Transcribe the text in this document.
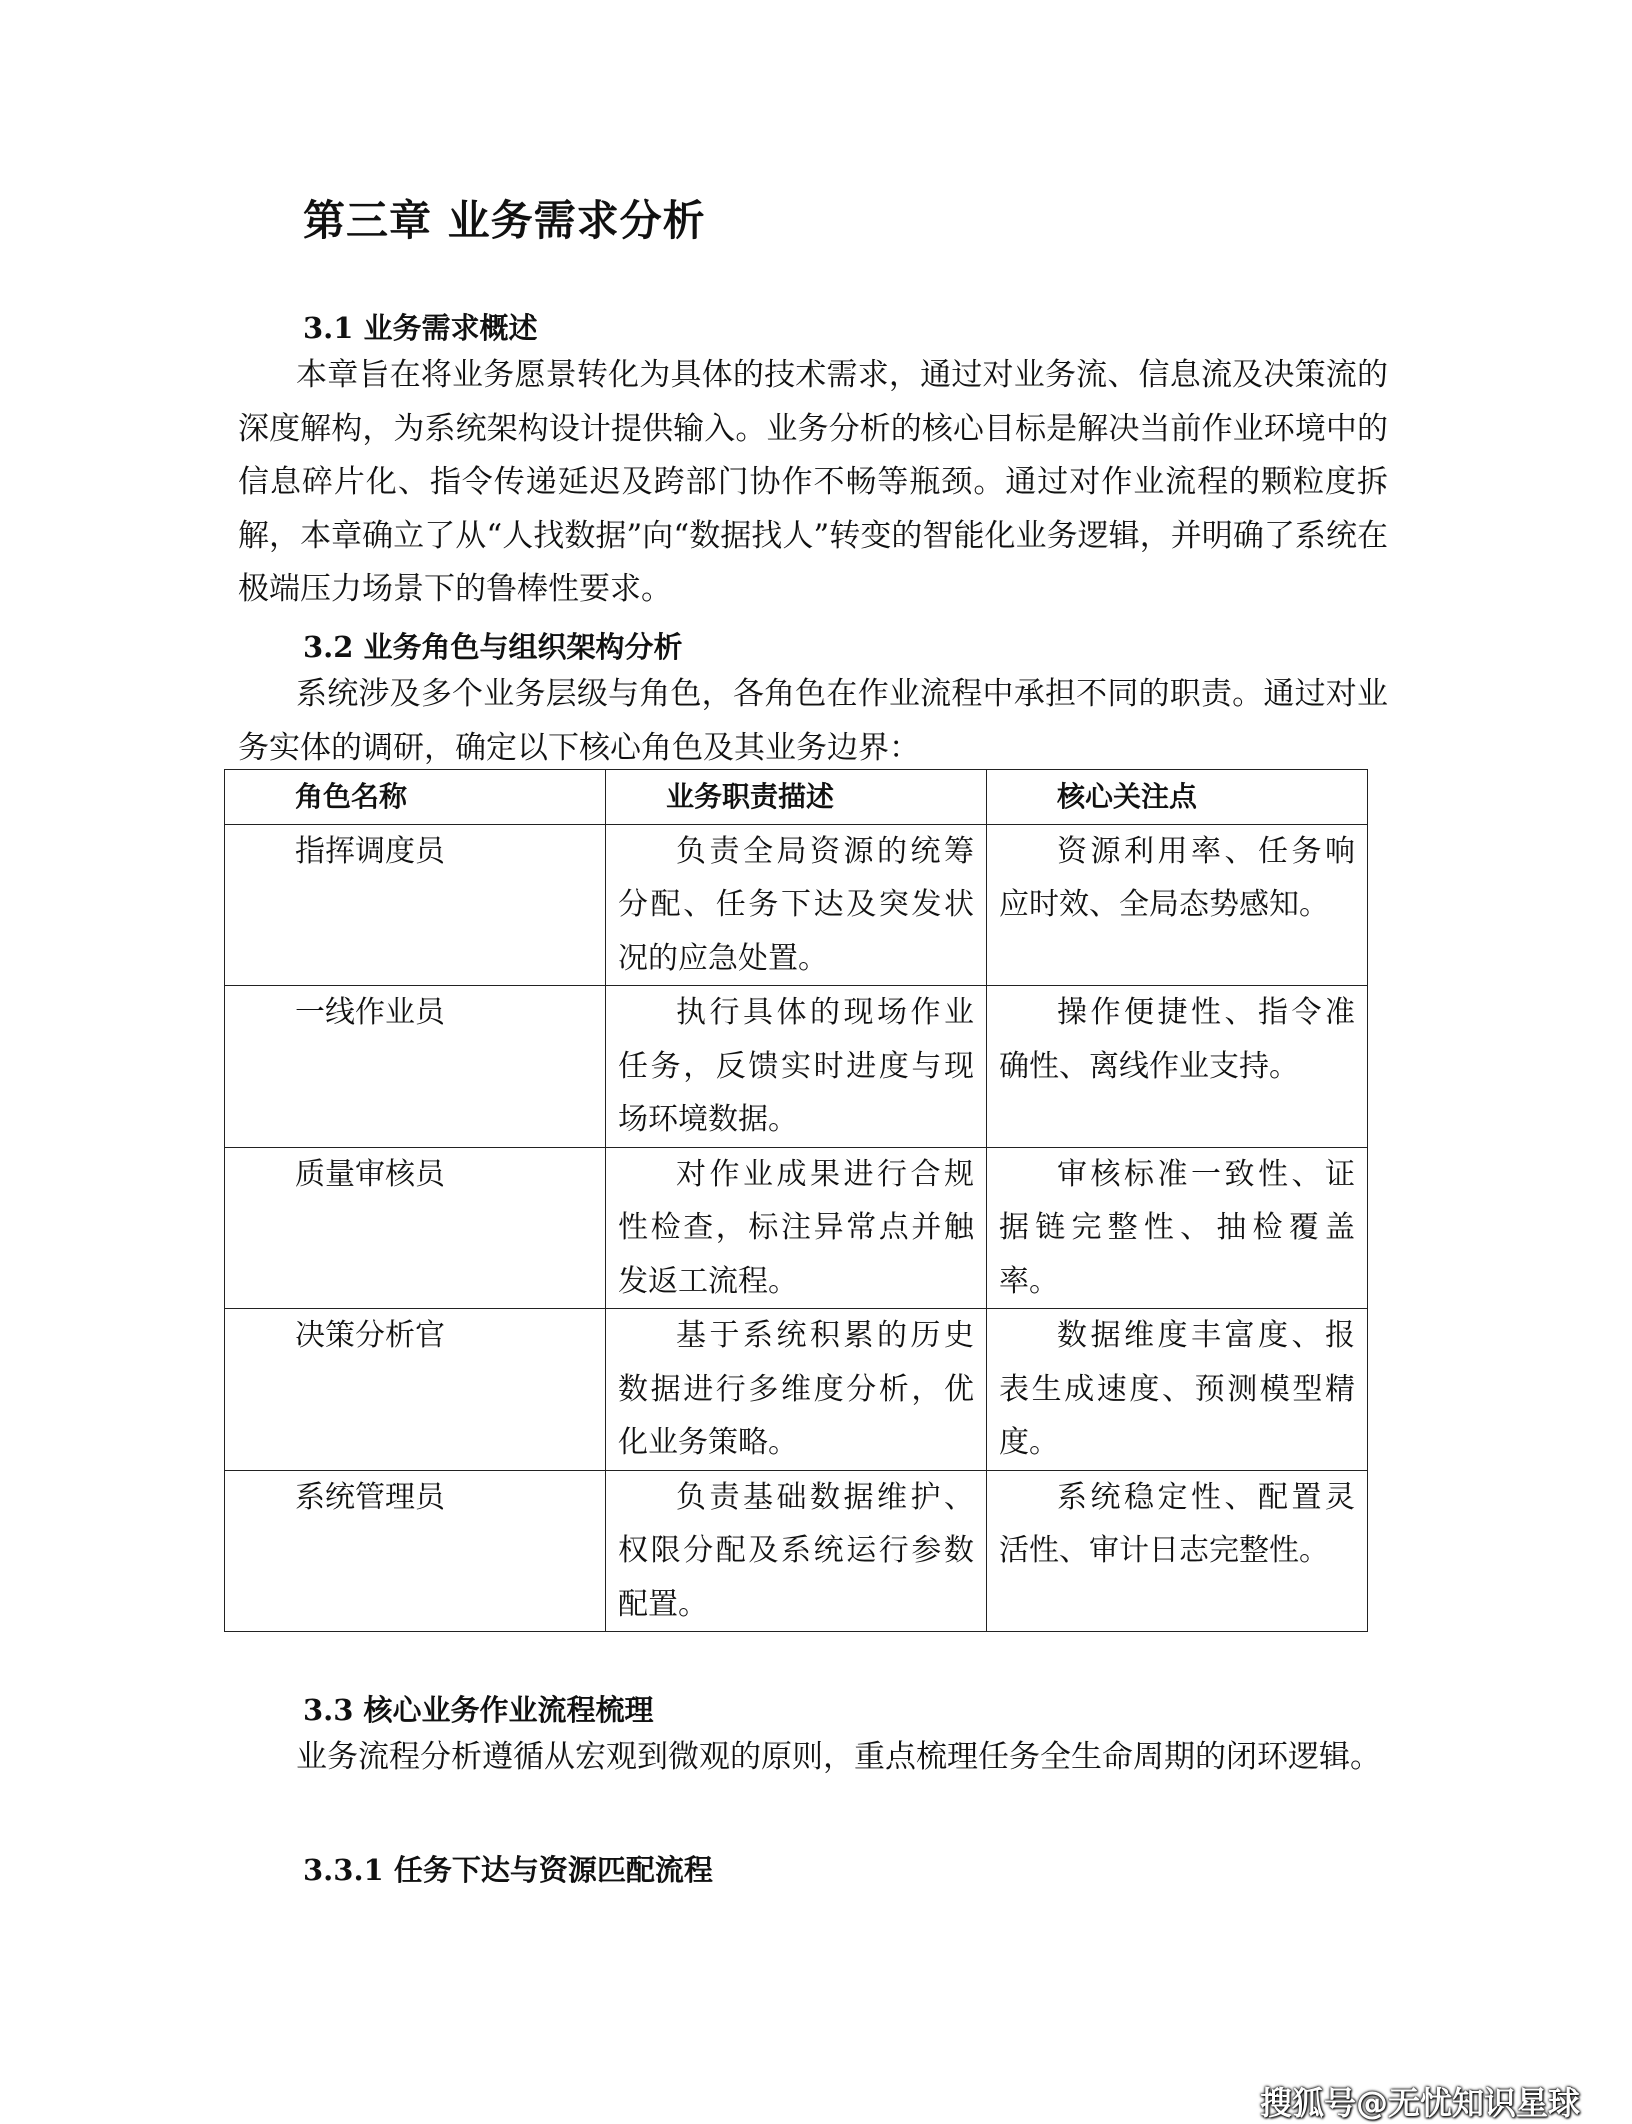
第三章 业务需求分析
3.1 业务需求概述

本章旨在将业务愿景转化为具体的技术需求，通过对业务流、信息流及决策流的深度解构，为系统架构设计提供输入。业务分析的核心目标是解决当前作业环境中的信息碎片化、指令传递延迟及跨部门协作不畅等瓶颈。通过对作业流程的颗粒度拆解，本章确立了从“人找数据”向“数据找人”转变的智能化业务逻辑，并明确了系统在极端压力场景下的鲁棒性要求。

3.2 业务角色与组织架构分析

系统涉及多个业务层级与角色，各角色在作业流程中承担不同的职责。通过对业务实体的调研，确定以下核心角色及其业务边界：

角色名称	业务职责描述	核心关注点
指挥调度员	负责全局资源的统筹分配、任务下达及突发状况的应急处置。	资源利用率、任务响应时效、全局态势感知。
一线作业员	执行具体的现场作业任务，反馈实时进度与现场环境数据。	操作便捷性、指令准确性、离线作业支持。
质量审核员	对作业成果进行合规性检查，标注异常点并触发返工流程。	审核标准一致性、证据链完整性、抽检覆盖率。
决策分析官	基于系统积累的历史数据进行多维度分析，优化业务策略。	数据维度丰富度、报表生成速度、预测模型精度。
系统管理员	负责基础数据维护、权限分配及系统运行参数配置。	系统稳定性、配置灵活性、审计日志完整性。
3.3 核心业务作业流程梳理

业务流程分析遵循从宏观到微观的原则，重点梳理任务全生命周期的闭环逻辑。

3.3.1 任务下达与资源匹配流程
搜狐号@无忧知识星球
